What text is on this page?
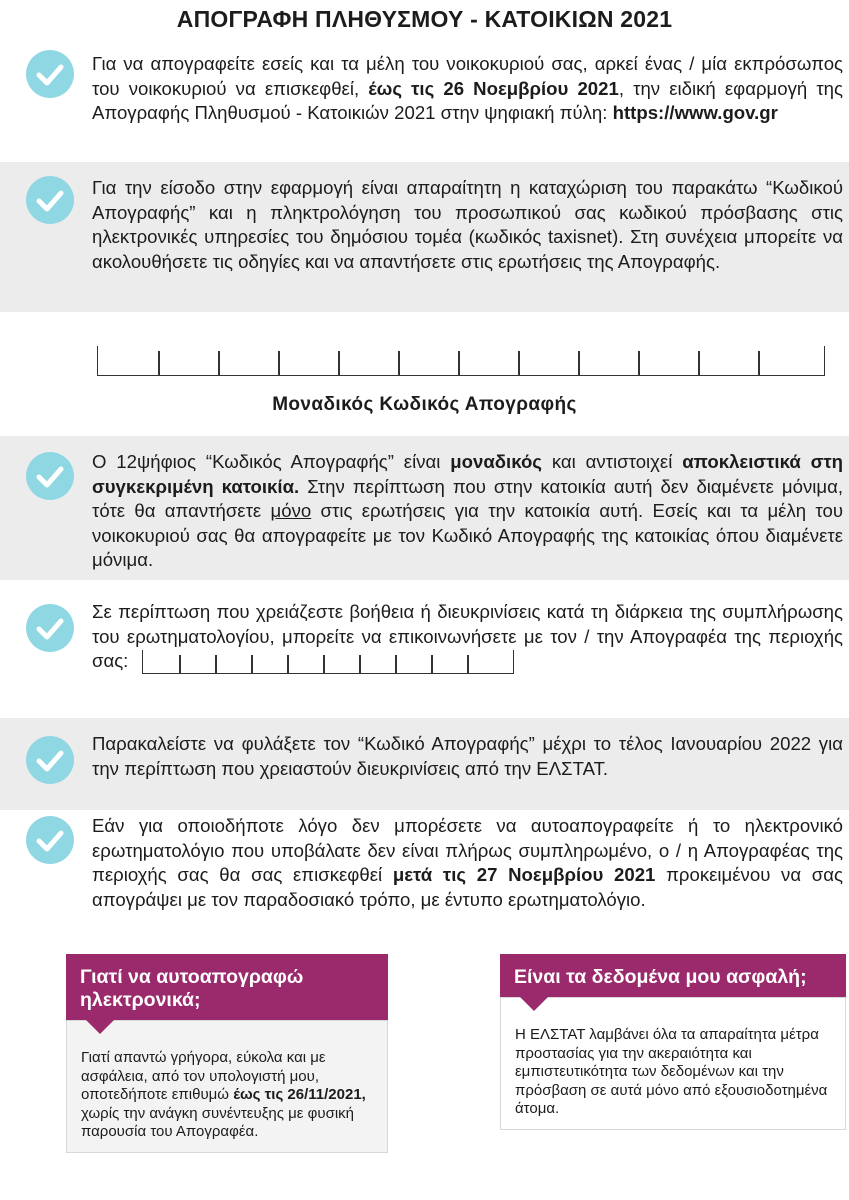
ΑΠΟΓΡΑΦΗ ΠΛΗΘΥΣΜΟΥ - ΚΑΤΟΙΚΙΩΝ 2021

Για να απογραφείτε εσείς και τα μέλη του νοικοκυριού σας, αρκεί ένας / μία εκπρόσωπος του νοικοκυριού να επισκεφθεί, έως τις 26 Νοεμβρίου 2021, την ειδική εφαρμογή της Απογραφής Πληθυσμού - Κατοικιών 2021 στην ψηφιακή πύλη: https://www.gov.gr

Για την είσοδο στην εφαρμογή είναι απαραίτητη η καταχώριση του παρακάτω “Κωδικού Απογραφής” και η πληκτρολόγηση του προσωπικού σας κωδικού πρόσβασης στις ηλεκτρονικές υπηρεσίες του δημόσιου τομέα (κωδικός taxisnet). Στη συνέχεια μπορείτε να ακολουθήσετε τις οδηγίες και να απαντήσετε στις ερωτήσεις της Απογραφής.

Μοναδικός Κωδικός Απογραφής

Ο 12ψήφιος “Κωδικός Απογραφής” είναι μοναδικός και αντιστοιχεί αποκλειστικά στη συγκεκριμένη κατοικία. Στην περίπτωση που στην κατοικία αυτή δεν διαμένετε μόνιμα, τότε θα απαντήσετε μόνο στις ερωτήσεις για την κατοικία αυτή. Εσείς και τα μέλη του νοικοκυριού σας θα απογραφείτε με τον Κωδικό Απογραφής της κατοικίας όπου διαμένετε μόνιμα.

Σε περίπτωση που χρειάζεστε βοήθεια ή διευκρινίσεις κατά τη διάρκεια της συμπλήρωσης του ερωτηματολογίου, μπορείτε να επικοινωνήσετε με τον / την Απογραφέα της περιοχής σας:

Παρακαλείστε να φυλάξετε τον “Κωδικό Απογραφής” μέχρι το τέλος Ιανουαρίου 2022 για την περίπτωση που χρειαστούν διευκρινίσεις από την ΕΛΣΤΑΤ.

Εάν για οποιοδήποτε λόγο δεν μπορέσετε να αυτοαπογραφείτε ή το ηλεκτρονικό ερωτηματολόγιο που υποβάλατε δεν είναι πλήρως συμπληρωμένο, ο / η Απογραφέας της περιοχής σας θα σας επισκεφθεί μετά τις 27 Νοεμβρίου 2021 προκειμένου να σας απογράψει με τον παραδοσιακό τρόπο, με έντυπο ερωτηματολόγιο.

Γιατί να αυτοαπογραφώ ηλεκτρονικά;
Γιατί απαντώ γρήγορα, εύκολα και με ασφάλεια, από τον υπολογιστή μου, οποτεδήποτε επιθυμώ έως τις 26/11/2021, χωρίς την ανάγκη συνέντευξης με φυσική παρουσία του Απογραφέα.
Είναι τα δεδομένα μου ασφαλή;
Η ΕΛΣΤΑΤ λαμβάνει όλα τα απαραίτητα μέτρα προστασίας για την ακεραιότητα και εμπιστευτικότητα των δεδομένων και την πρόσβαση σε αυτά μόνο από εξουσιοδοτημένα άτομα.
